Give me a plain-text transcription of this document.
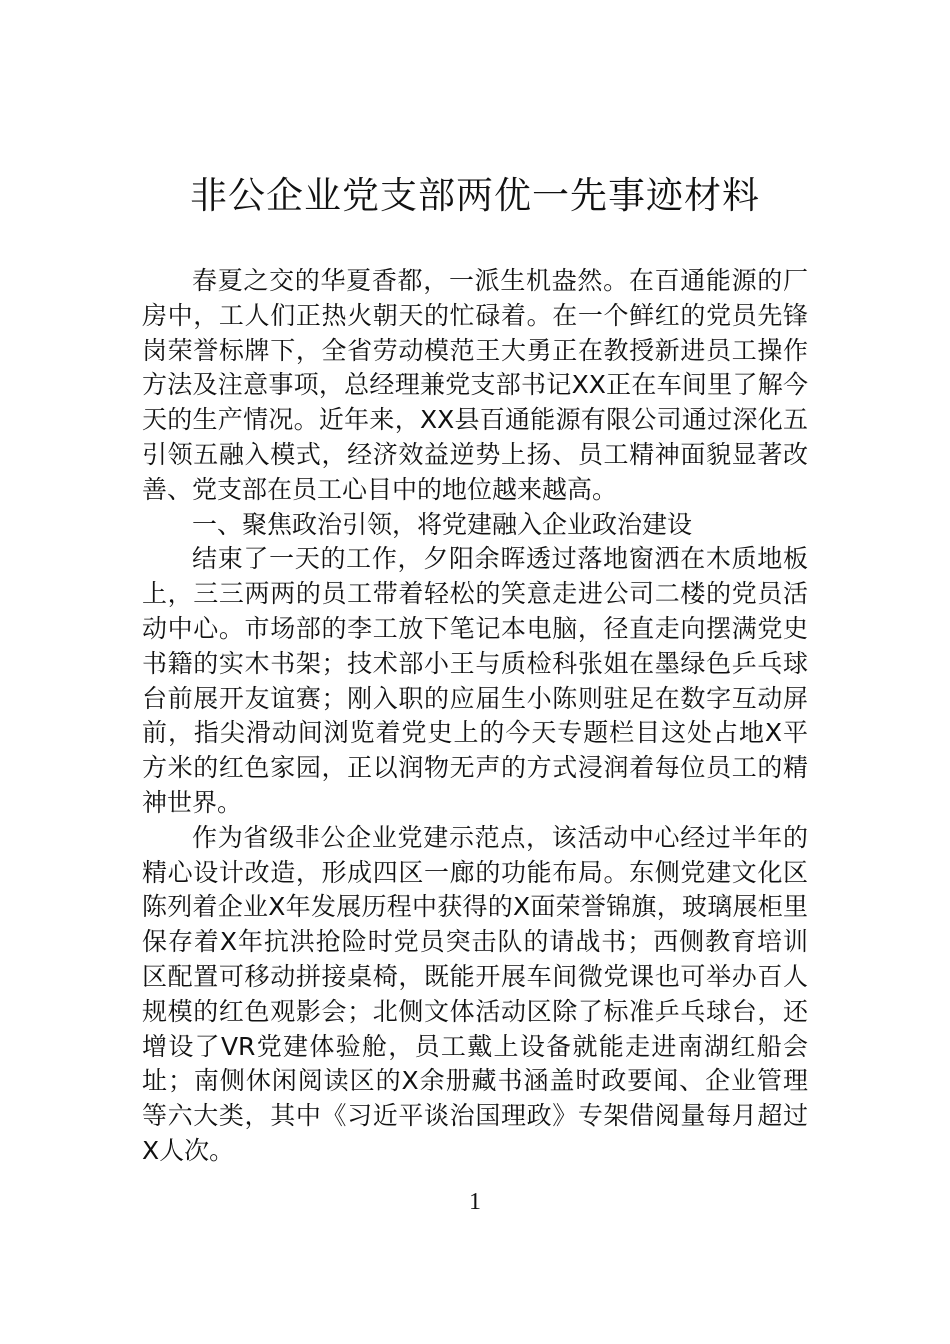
非公企业党支部两优一先事迹材料

春夏之交的华夏香都，一派生机盎然。在百通能源的厂房中，工人们正热火朝天的忙碌着。在一个鲜红的党员先锋岗荣誉标牌下，全省劳动模范王大勇正在教授新进员工操作方法及注意事项，总经理兼党支部书记XX正在车间里了解今天的生产情况。近年来，XX县百通能源有限公司通过深化五引领五融入模式，经济效益逆势上扬、员工精神面貌显著改善、党支部在员工心目中的地位越来越高。

一、聚焦政治引领，将党建融入企业政治建设

结束了一天的工作，夕阳余晖透过落地窗洒在木质地板上，三三两两的员工带着轻松的笑意走进公司二楼的党员活动中心。市场部的李工放下笔记本电脑，径直走向摆满党史书籍的实木书架；技术部小王与质检科张姐在墨绿色乒乓球台前展开友谊赛；刚入职的应届生小陈则驻足在数字互动屏前，指尖滑动间浏览着党史上的今天专题栏目这处占地X平方米的红色家园，正以润物无声的方式浸润着每位员工的精神世界。

作为省级非公企业党建示范点，该活动中心经过半年的精心设计改造，形成四区一廊的功能布局。东侧党建文化区陈列着企业X年发展历程中获得的X面荣誉锦旗，玻璃展柜里保存着X年抗洪抢险时党员突击队的请战书；西侧教育培训区配置可移动拼接桌椅，既能开展车间微党课也可举办百人规模的红色观影会；北侧文体活动区除了标准乒乓球台，还增设了VR党建体验舱，员工戴上设备就能走进南湖红船会址；南侧休闲阅读区的X余册藏书涵盖时政要闻、企业管理等六大类，其中《习近平谈治国理政》专架借阅量每月超过X人次。

1
